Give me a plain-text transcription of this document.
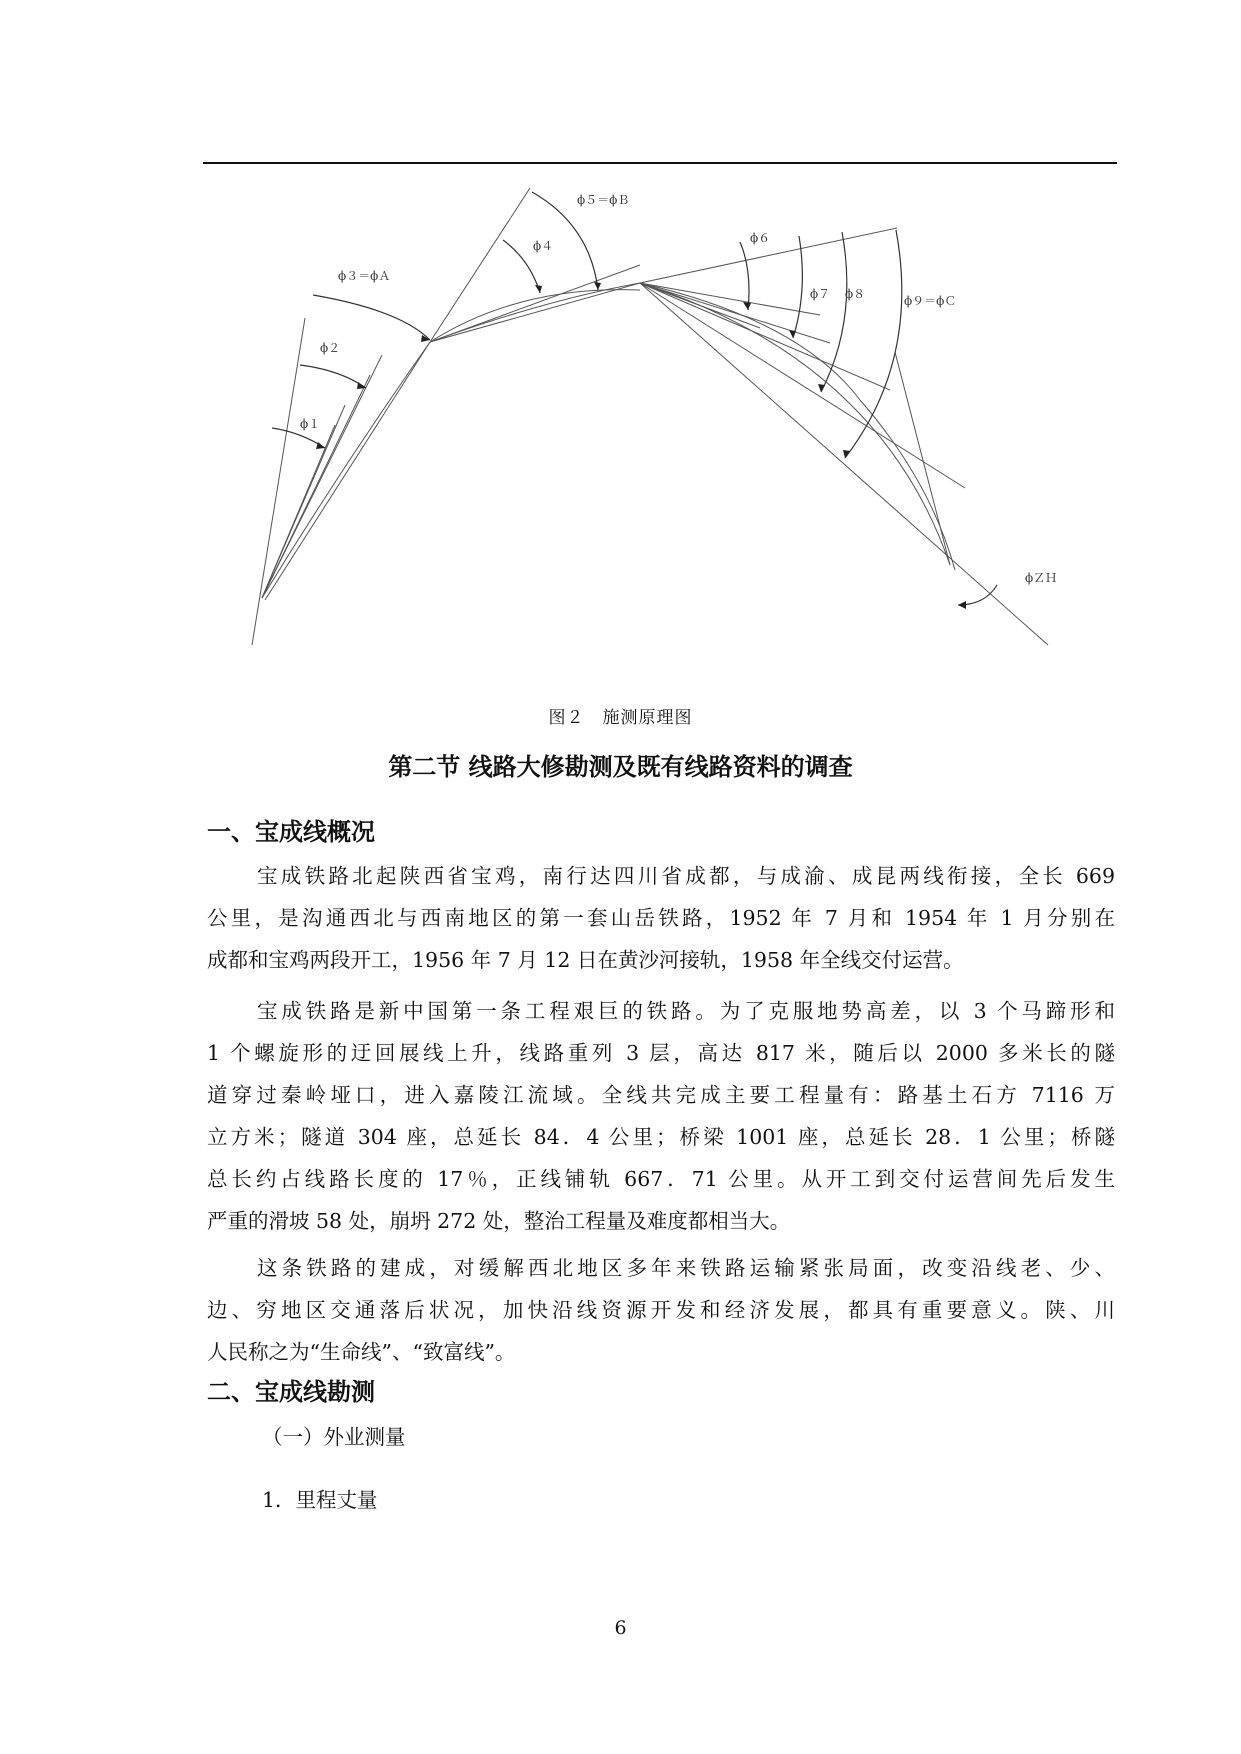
ϕ１
ϕ２
ϕ３＝ϕＡ
ϕ４
ϕ５＝ϕＢ
ϕ６
ϕ７ ϕ８	ϕ９＝ϕＣ
ϕＺＨ
图２　施测原理图
第二节 线路大修勘测及既有线路资料的调查
一、宝成线概况
宝成铁路北起陕西省宝鸡，南行达四川省成都，与成渝、成昆两线衔接，全长 669
公里，是沟通西北与西南地区的第一套山岳铁路，1952 年 7 月和 1954 年 1 月分别在
成都和宝鸡两段开工，1956 年 7 月 12 日在黄沙河接轨，1958 年全线交付运营。
宝成铁路是新中国第一条工程艰巨的铁路。为了克服地势高差，以 3 个马蹄形和
1 个螺旋形的迂回展线上升，线路重列 3 层，高达 817 米，随后以 2000 多米长的隧
道穿过秦岭垭口，进入嘉陵江流域。全线共完成主要工程量有：路基土石方 7116 万
立方米；隧道 304 座，总延长 84．4 公里；桥梁 1001 座，总延长 28．1 公里；桥隧
总长约占线路长度的 17％，正线铺轨 667．71 公里。从开工到交付运营间先后发生
严重的滑坡 58 处，崩坍 272 处，整治工程量及难度都相当大。
这条铁路的建成，对缓解西北地区多年来铁路运输紧张局面，改变沿线老、少、
边、穷地区交通落后状况，加快沿线资源开发和经济发展，都具有重要意义。陕、川
人民称之为“生命线”、“致富线”。
二、宝成线勘测
（一）外业测量
1．里程丈量
6
